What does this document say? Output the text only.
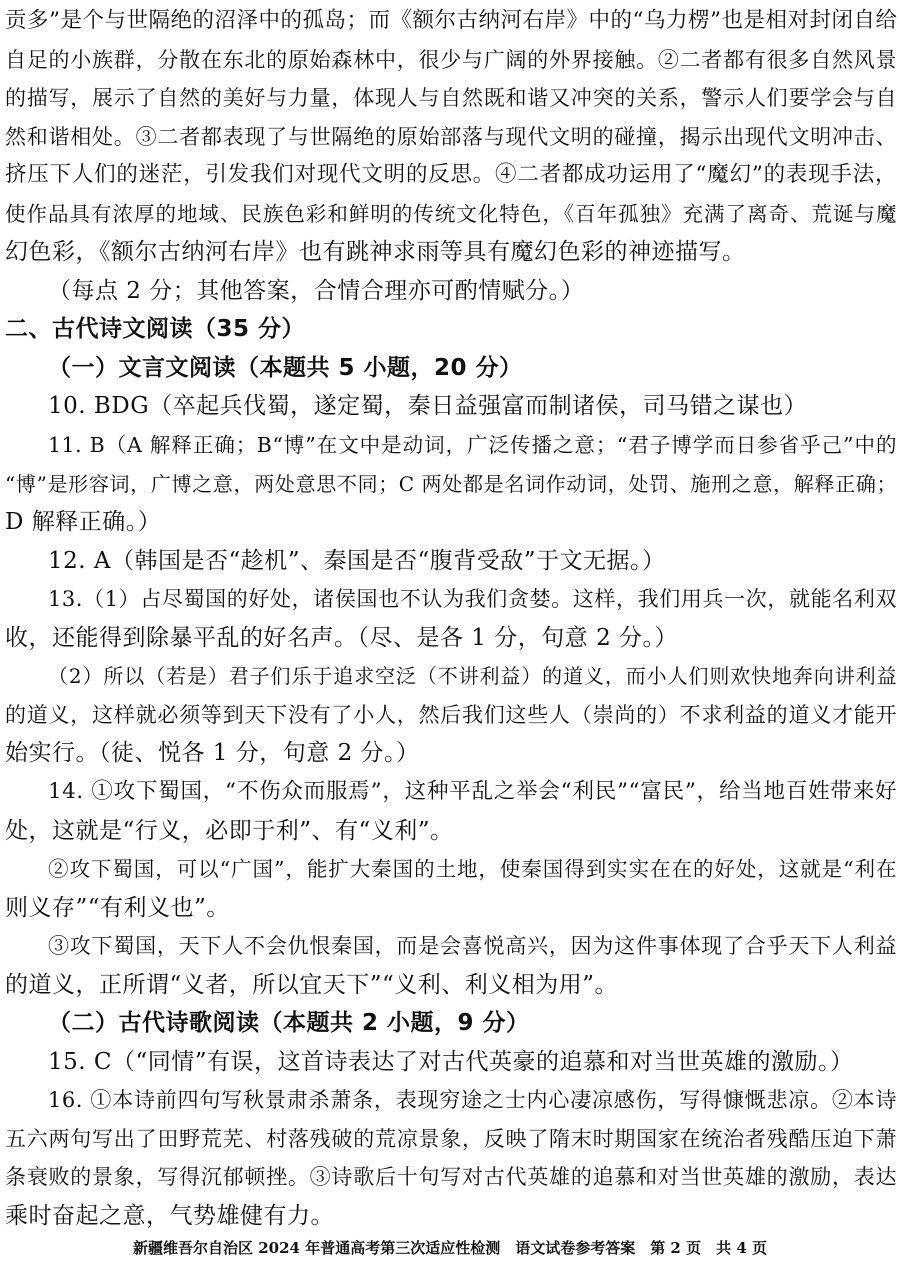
贡多”是个与世隔绝的沼泽中的孤岛；而《额尔古纳河右岸》中的“乌力楞”也是相对封闭自给
自足的小族群，分散在东北的原始森林中，很少与广阔的外界接触。②二者都有很多自然风景
的描写，展示了自然的美好与力量，体现人与自然既和谐又冲突的关系，警示人们要学会与自
然和谐相处。③二者都表现了与世隔绝的原始部落与现代文明的碰撞，揭示出现代文明冲击、
挤压下人们的迷茫，引发我们对现代文明的反思。④二者都成功运用了“魔幻”的表现手法，
使作品具有浓厚的地域、民族色彩和鲜明的传统文化特色，《百年孤独》充满了离奇、荒诞与魔
幻色彩，《额尔古纳河右岸》也有跳神求雨等具有魔幻色彩的神迹描写。
（每点 2 分；其他答案，合情合理亦可酌情赋分。）
二、古代诗文阅读（35 分）
（一）文言文阅读（本题共 5 小题，20 分）
10. BDG（卒起兵伐蜀，遂定蜀，秦日益强富而制诸侯，司马错之谋也）
11. B（A 解释正确；B“博”在文中是动词，广泛传播之意；“君子博学而日参省乎己”中的
“博”是形容词，广博之意，两处意思不同；C 两处都是名词作动词，处罚、施刑之意，解释正确；
D 解释正确。）
12. A（韩国是否“趁机”、秦国是否“腹背受敌”于文无据。）
13.（1）占尽蜀国的好处，诸侯国也不认为我们贪婪。这样，我们用兵一次，就能名利双
收，还能得到除暴平乱的好名声。（尽、是各 1 分，句意 2 分。）
（2）所以（若是）君子们乐于追求空泛（不讲利益）的道义，而小人们则欢快地奔向讲利益
的道义，这样就必须等到天下没有了小人，然后我们这些人（崇尚的）不求利益的道义才能开
始实行。（徒、悦各 1 分，句意 2 分。）
14. ①攻下蜀国，“不伤众而服焉”，这种平乱之举会“利民”“富民”，给当地百姓带来好
处，这就是“行义，必即于利”、有“义利”。
②攻下蜀国，可以“广国”，能扩大秦国的土地，使秦国得到实实在在的好处，这就是“利在
则义存”“有利义也”。
③攻下蜀国，天下人不会仇恨秦国，而是会喜悦高兴，因为这件事体现了合乎天下人利益
的道义，正所谓“义者，所以宜天下”“义利、利义相为用”。
（二）古代诗歌阅读（本题共 2 小题，9 分）
15. C（“同情”有误，这首诗表达了对古代英豪的追慕和对当世英雄的激励。）
16. ①本诗前四句写秋景肃杀萧条，表现穷途之士内心凄凉感伤，写得慷慨悲凉。②本诗
五六两句写出了田野荒芜、村落残破的荒凉景象，反映了隋末时期国家在统治者残酷压迫下萧
条衰败的景象，写得沉郁顿挫。③诗歌后十句写对古代英雄的追慕和对当世英雄的激励，表达
乘时奋起之意，气势雄健有力。
新疆维吾尔自治区 2024 年普通高考第三次适应性检测　语文试卷参考答案　第 2 页　共 4 页
